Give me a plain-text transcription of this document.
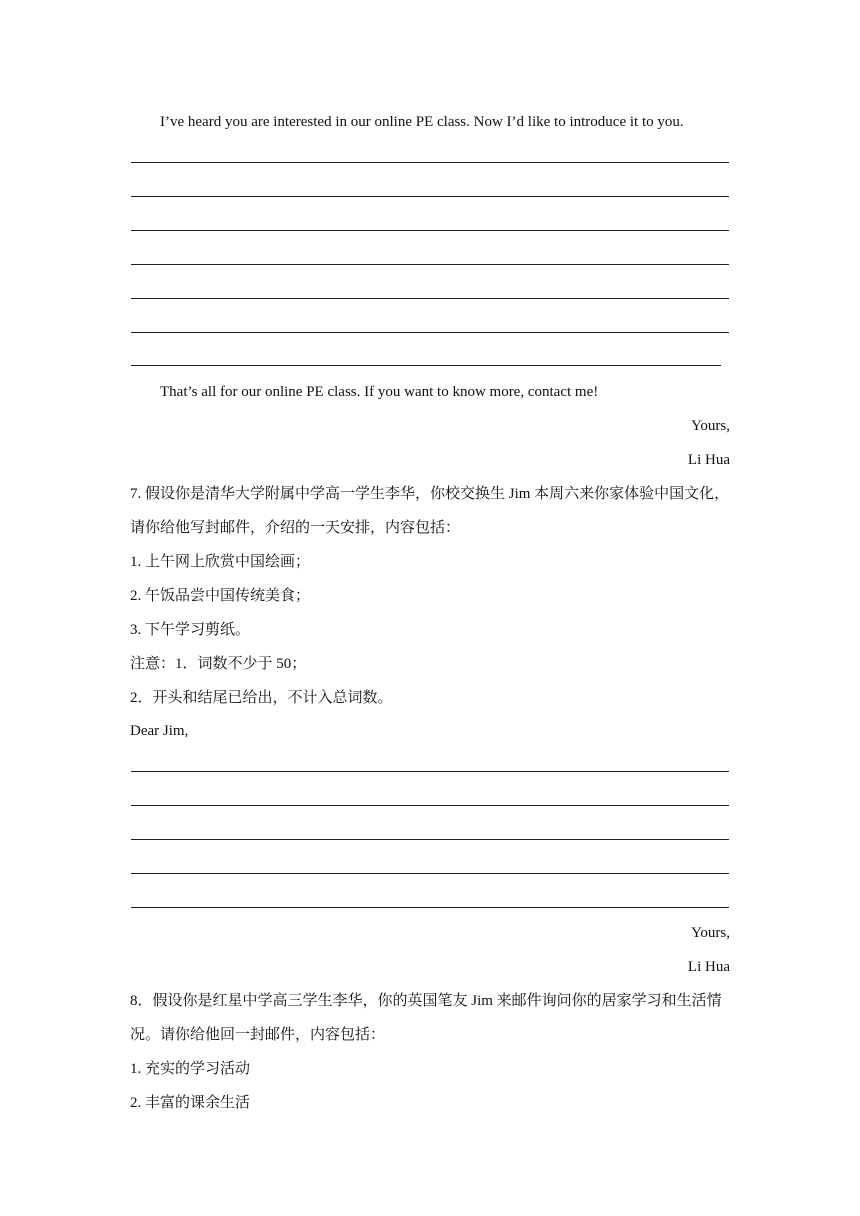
I’ve heard you are interested in our online PE class. Now I’d like to introduce it to you.
That’s all for our online PE class. If you want to know more, contact me!
Yours,
Li Hua
7. 假设你是清华大学附属中学高一学生李华，你校交换生 Jim 本周六来你家体验中国文化，
请你给他写封邮件，介绍的一天安排，内容包括：
1. 上午网上欣赏中国绘画；
2. 午饭品尝中国传统美食；
3. 下午学习剪纸。
注意：1．词数不少于 50；
2．开头和结尾已给出，不计入总词数。
Dear Jim,
Yours,
Li Hua
8．假设你是红星中学高三学生李华，你的英国笔友 Jim 来邮件询问你的居家学习和生活情
况。请你给他回一封邮件，内容包括：
1. 充实的学习活动
2. 丰富的课余生活
